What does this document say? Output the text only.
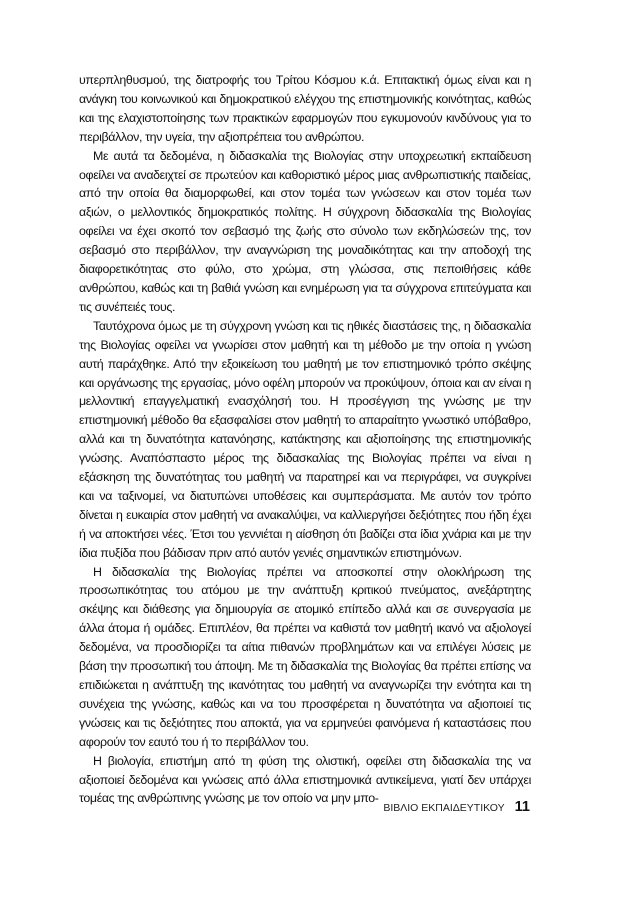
υπερπληθυσμού, της διατροφής του Τρίτου Κόσμου κ.ά. Επιτακτική όμως είναι και η ανάγκη του κοινωνικού και δημοκρατικού ελέγχου της επιστημονικής κοινότητας, καθώς και της ελαχιστοποίησης των πρακτικών εφαρμογών που εγκυμονούν κινδύνους για το περιβάλλον, την υγεία, την αξιοπρέπεια του ανθρώπου.

Με αυτά τα δεδομένα, η διδασκαλία της Βιολογίας στην υποχρεωτική εκπαίδευση οφείλει να αναδειχτεί σε πρωτεύον και καθοριστικό μέρος μιας ανθρωπιστικής παιδείας, από την οποία θα διαμορφωθεί, και στον τομέα των γνώσεων και στον τομέα των αξιών, ο μελλοντικός δημοκρατικός πολίτης. Η σύγχρονη διδασκαλία της Βιολογίας οφείλει να έχει σκοπό τον σεβασμό της ζωής στο σύνολο των εκδηλώσεών της, τον σεβασμό στο περιβάλλον, την αναγνώριση της μοναδικότητας και την αποδοχή της διαφορετικότητας στο φύλο, στο χρώμα, στη γλώσσα, στις πεποιθήσεις κάθε ανθρώπου, καθώς και τη βαθιά γνώση και ενημέρωση για τα σύγχρονα επιτεύγματα και τις συνέπειές τους.

Ταυτόχρονα όμως με τη σύγχρονη γνώση και τις ηθικές διαστάσεις της, η διδασκαλία της Βιολογίας οφείλει να γνωρίσει στον μαθητή και τη μέθοδο με την οποία η γνώση αυτή παράχθηκε. Από την εξοικείωση του μαθητή με τον επιστημονικό τρόπο σκέψης και οργάνωσης της εργασίας, μόνο οφέλη μπορούν να προκύψουν, όποια και αν είναι η μελλοντική επαγγελματική ενασχόλησή του. Η προσέγγιση της γνώσης με την επιστημονική μέθοδο θα εξασφαλίσει στον μαθητή το απαραίτητο γνωστικό υπόβαθρο, αλλά και τη δυνατότητα κατανόησης, κατάκτησης και αξιοποίησης της επιστημονικής γνώσης. Αναπόσπαστο μέρος της διδασκαλίας της Βιολογίας πρέπει να είναι η εξάσκηση της δυνατότητας του μαθητή να παρατηρεί και να περιγράφει, να συγκρίνει και να ταξινομεί, να διατυπώνει υποθέσεις και συμπεράσματα. Με αυτόν τον τρόπο δίνεται η ευκαιρία στον μαθητή να ανακαλύψει, να καλλιεργήσει δεξιότητες που ήδη έχει ή να αποκτήσει νέες. Έτσι του γεννιέται η αίσθηση ότι βαδίζει στα ίδια χνάρια και με την ίδια πυξίδα που βάδισαν πριν από αυτόν γενιές σημαντικών επιστημόνων.

Η διδασκαλία της Βιολογίας πρέπει να αποσκοπεί στην ολοκλήρωση της προσωπικότητας του ατόμου με την ανάπτυξη κριτικού πνεύματος, ανεξάρτητης σκέψης και διάθεσης για δημιουργία σε ατομικό επίπεδο αλλά και σε συνεργασία με άλλα άτομα ή ομάδες. Επιπλέον, θα πρέπει να καθιστά τον μαθητή ικανό να αξιολογεί δεδομένα, να προσδιορίζει τα αίτια πιθανών προβλημάτων και να επιλέγει λύσεις με βάση την προσωπική του άποψη. Με τη διδασκαλία της Βιολογίας θα πρέπει επίσης να επιδιώκεται η ανάπτυξη της ικανότητας του μαθητή να αναγνωρίζει την ενότητα και τη συνέχεια της γνώσης, καθώς και να του προσφέρεται η δυνατότητα να αξιοποιεί τις γνώσεις και τις δεξιότητες που αποκτά, για να ερμηνεύει φαινόμενα ή καταστάσεις που αφορούν τον εαυτό του ή το περιβάλλον του.

Η βιολογία, επιστήμη από τη φύση της ολιστική, οφείλει στη διδασκαλία της να αξιοποιεί δεδομένα και γνώσεις από άλλα επιστημονικά αντικείμενα, γιατί δεν υπάρχει τομέας της ανθρώπινης γνώσης με τον οποίο να μην μπο-

ΒΙΒΛΙΟ ΕΚΠΑΙΔΕΥΤΙΚΟΥ 11
